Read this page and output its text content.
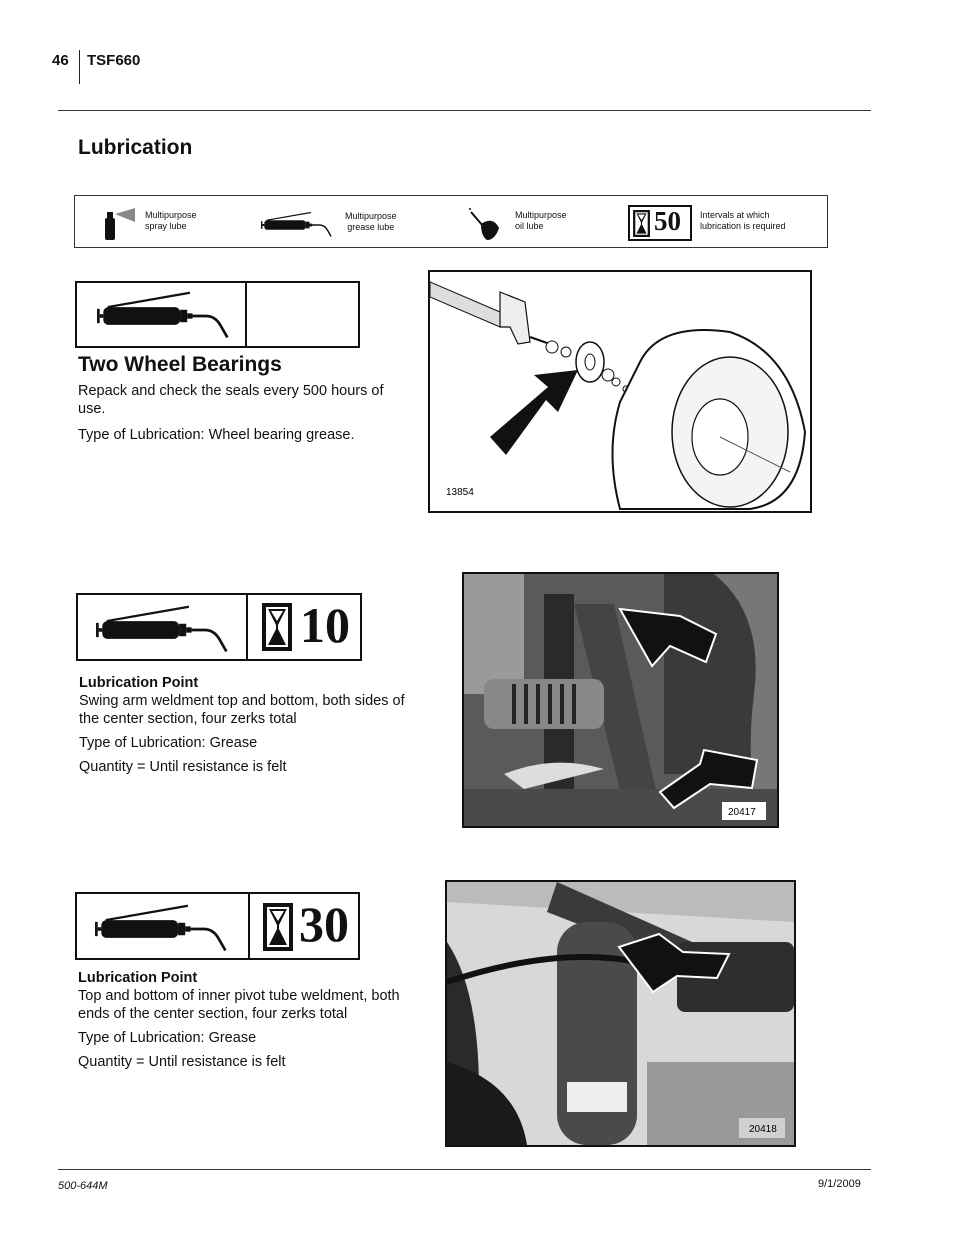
46 TSF660
Lubrication
Multipurpose
spray lube
Multipurpose
grease lube
Multipurpose
oil lube	50 Intervals at which
lubrication is required
Two Wheel Bearings
Repack and check the seals every 500 hours of use.
Type of Lubrication: Wheel bearing grease.
13854
10
Lubrication Point
Swing arm weldment top and bottom, both sides of the center section, four zerks total
Type of Lubrication: Grease
Quantity = Until resistance is felt
20417
30
Lubrication Point
Top and bottom of inner pivot tube weldment, both ends of the center section, four zerks total
Type of Lubrication: Grease
Quantity = Until resistance is felt
20418
500-644M	9/1/2009
